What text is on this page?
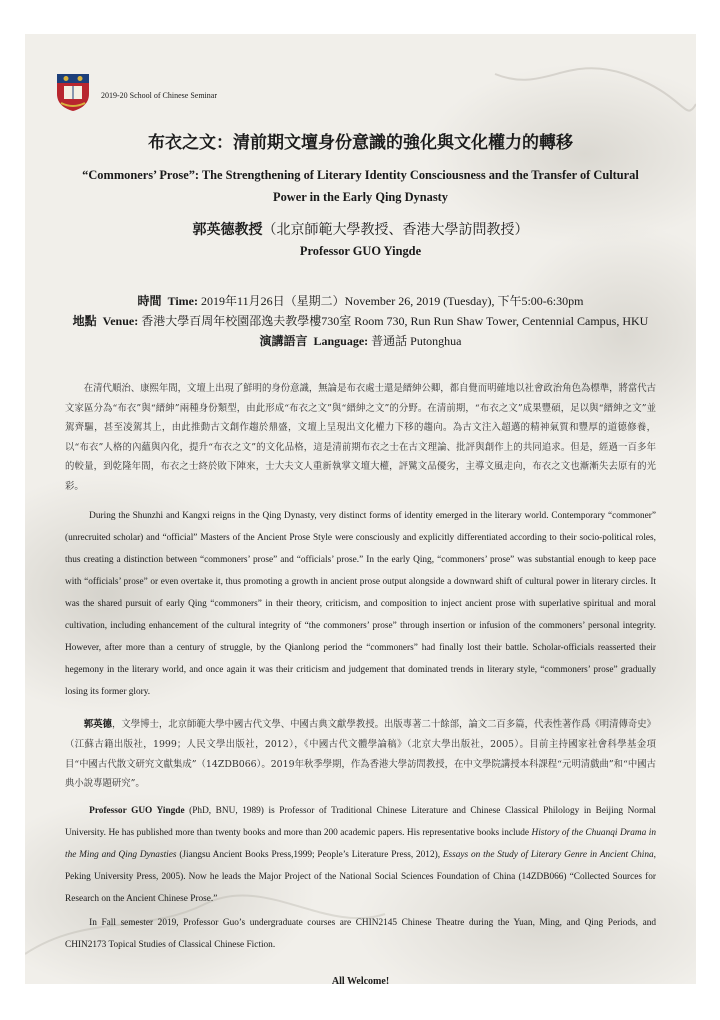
2019-20 School of Chinese Seminar

布衣之文：清前期文壇身份意識的強化與文化權力的轉移

“Commoners’ Prose”: The Strengthening of Literary Identity Consciousness and the Transfer of Cultural Power in the Early Qing Dynasty

郭英德教授（北京師範大學教授、香港大學訪問教授）

Professor GUO Yingde

時間 Time: 2019年11月26日（星期二）November 26, 2019 (Tuesday), 下午5:00-6:30pm
地點 Venue: 香港大學百周年校園邵逸夫教學樓730室 Room 730, Run Run Shaw Tower, Centennial Campus, HKU
演講語言 Language: 普通話 Putonghua

在清代順治、康熙年間，文壇上出現了鮮明的身份意識，無論是布衣處士還是縉紳公卿，都自覺而明確地以社會政治角色為標準，將當代古文家區分為“布衣”與“縉紳”兩種身份類型，由此形成“布衣之文”與“縉紳之文”的分野。在清前期，“布衣之文”成果豐碩，足以與“縉紳之文”並駕齊驅，甚至凌駕其上，由此推動古文創作趨於鼎盛，文壇上呈現出文化權力下移的趨向。為古文注入超邁的精神氣質和豐厚的道德修養，以“布衣”人格的內蘊與內化，提升“布衣之文”的文化品格，這是清前期布衣之士在古文理論、批評與創作上的共同追求。但是，經過一百多年的較量，到乾隆年間，布衣之士終於敗下陣來，士大夫文人重新執掌文壇大權，評騭文品優劣，主導文風走向，布衣之文也漸漸失去原有的光彩。

During the Shunzhi and Kangxi reigns in the Qing Dynasty, very distinct forms of identity emerged in the literary world. Contemporary “commoner” (unrecruited scholar) and “official” Masters of the Ancient Prose Style were consciously and explicitly differentiated according to their socio-political roles, thus creating a distinction between “commoners’ prose” and “officials’ prose.” In the early Qing, “commoners’ prose” was substantial enough to keep pace with “officials’ prose” or even overtake it, thus promoting a growth in ancient prose output alongside a downward shift of cultural power in literary circles. It was the shared pursuit of early Qing “commoners” in their theory, criticism, and composition to inject ancient prose with superlative spiritual and moral cultivation, including enhancement of the cultural integrity of “the commoners’ prose” through insertion or infusion of the commoners’ personal integrity. However, after more than a century of struggle, by the Qianlong period the “commoners” had finally lost their battle. Scholar-officials reasserted their hegemony in the literary world, and once again it was their criticism and judgement that dominated trends in literary style, “commoners’ prose” gradually losing its former glory.

郭英德，文學博士，北京師範大學中國古代文學、中國古典文獻學教授。出版專著二十餘部，論文二百多篇，代表性著作爲《明清傳奇史》（江蘇古籍出版社，1999；人民文學出版社，2012），《中國古代文體學論稿》（北京大學出版社，2005）。目前主持國家社會科學基金項目“中國古代散文研究文獻集成”（14ZDB066）。2019年秋季學期，作為香港大學訪問教授，在中文學院講授本科課程“元明清戲曲”和“中國古典小說專題研究”。

Professor GUO Yingde (PhD, BNU, 1989) is Professor of Traditional Chinese Literature and Chinese Classical Philology in Beijing Normal University. He has published more than twenty books and more than 200 academic papers. His representative books include History of the Chuanqi Drama in the Ming and Qing Dynasties (Jiangsu Ancient Books Press,1999; People’s Literature Press, 2012), Essays on the Study of Literary Genre in Ancient China, Peking University Press, 2005). Now he leads the Major Project of the National Social Sciences Foundation of China (14ZDB066) “Collected Sources for Research on the Ancient Chinese Prose.”

In Fall semester 2019, Professor Guo’s undergraduate courses are CHIN2145 Chinese Theatre during the Yuan, Ming, and Qing Periods, and CHIN2173 Topical Studies of Classical Chinese Fiction.

All Welcome!
